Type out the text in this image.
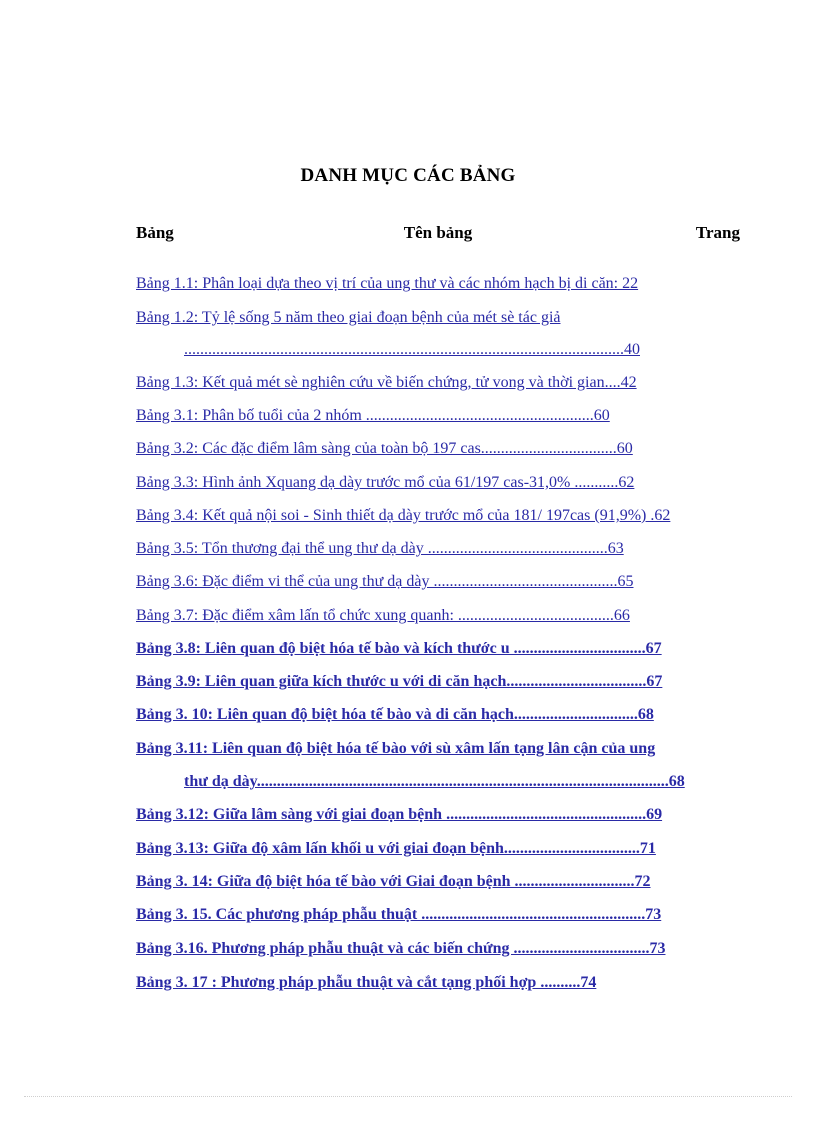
DANH MỤC CÁC BẢNG
Bảng	Tên bảng	Trang
Bảng 1.1: Phân loại dựa theo vị trí của ung thư và các nhóm hạch bị di căn: 22
Bảng 1.2: Tỷ lệ sống 5 năm theo giai đoạn bệnh của mét sè tác giả
..............................................................................................................40
Bảng 1.3: Kết quả mét sè nghiên cứu về biến chứng, tử vong và thời gian....42
Bảng 3.1: Phân bố tuổi của 2 nhóm .........................................................60
Bảng 3.2: Các đặc điểm lâm sàng của toàn bộ 197 cas..................................60
Bảng 3.3: Hình ảnh Xquang dạ dày trước mổ của 61/197 cas-31,0% ...........62
Bảng 3.4: Kết quả nội soi - Sinh thiết dạ dày trước mổ của 181/ 197cas (91,9%) .62
Bảng 3.5: Tổn thương đại thể ung thư dạ dày .............................................63
Bảng 3.6: Đặc điểm vi thể của ung thư dạ dày ..............................................65
Bảng 3.7: Đặc điểm xâm lấn tổ chức xung quanh: .......................................66
Bảng 3.8: Liên quan độ biệt hóa tế bào và kích thước u .................................67
Bảng 3.9: Liên quan giữa kích thước u với di căn hạch...................................67
Bảng 3. 10: Liên quan độ biệt hóa tế bào và di căn hạch...............................68
Bảng 3.11: Liên quan độ biệt hóa tế bào với sù xâm lấn tạng lân cận của ung
thư dạ dày.......................................................................................................68
Bảng 3.12: Giữa lâm sàng với giai đoạn bệnh ..................................................69
Bảng 3.13: Giữa độ xâm lấn khối u với giai đoạn bệnh..................................71
Bảng 3. 14: Giữa độ biệt hóa tế bào với Giai đoạn bệnh ..............................72
Bảng 3. 15. Các phương pháp phẫu thuật ........................................................73
Bảng 3.16. Phương pháp phẫu thuật và các biến chứng ..................................73
Bảng 3. 17 : Phương pháp phẫu thuật và cắt tạng phối hợp ..........74
